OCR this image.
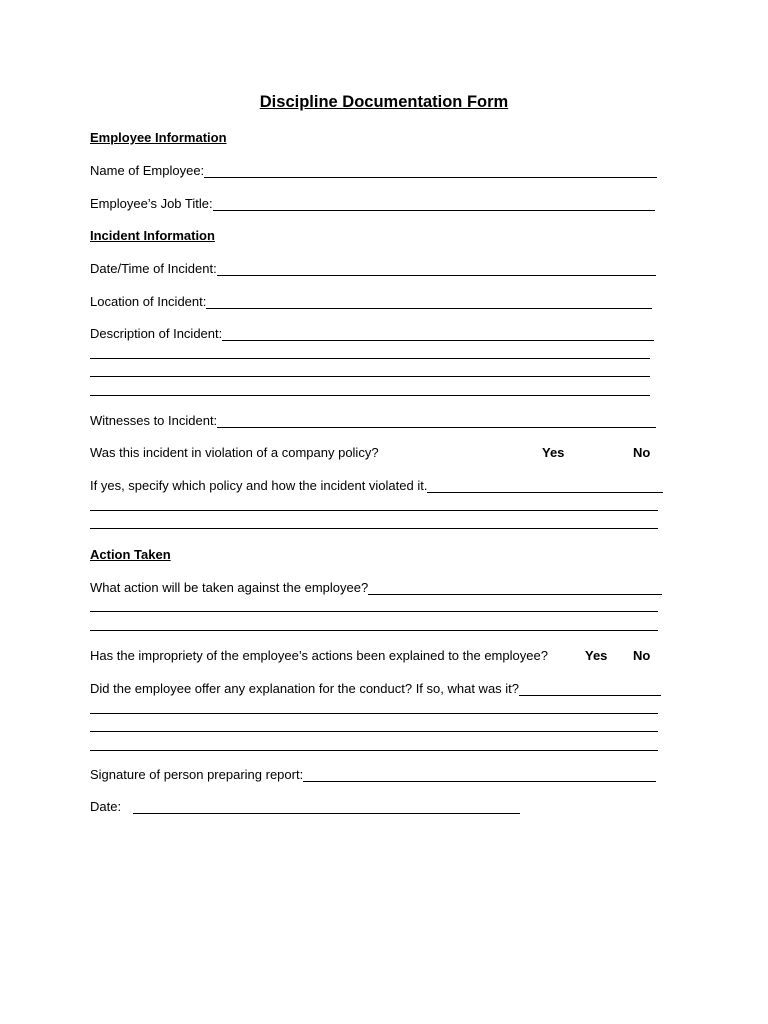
Discipline Documentation Form
Employee Information
Name of Employee:
Employee’s Job Title:
Incident Information
Date/Time of Incident:
Location of Incident:
Description of Incident:
Witnesses to Incident:
Was this incident in violation of a company policy?	Yes	No
If yes, specify which policy and how the incident violated it.
Action Taken
What action will be taken against the employee?
Has the impropriety of the employee’s actions been explained to the employee?	Yes No
Did the employee offer any explanation for the conduct? If so, what was it?
Signature of person preparing report:
Date:
